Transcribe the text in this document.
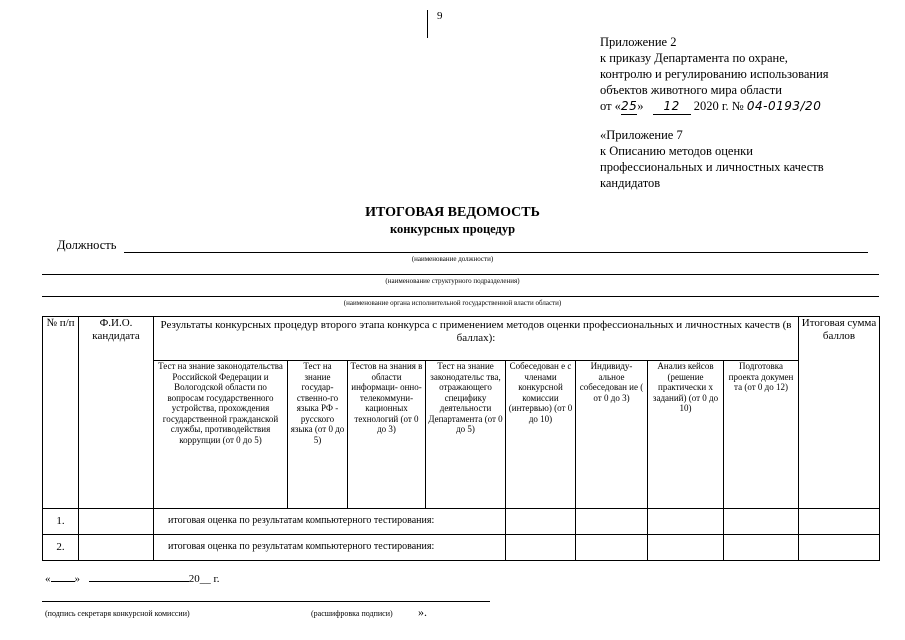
9
Приложение 2
к приказу Департамента по охране,
контролю и регулированию использования
объектов животного мира области
от «25» 12 2020 г. № 04-0193/20
«Приложение 7
к Описанию методов оценки
профессиональных и личностных качеств
кандидатов
ИТОГОВАЯ ВЕДОМОСТЬ
конкурсных процедур
Должность
(наименование должности)
(наименование структурного подразделения)
(наименование органа исполнительной государственной власти области)
№ п/п	Ф.И.О. кандидата	Результаты конкурсных процедур второго этапа конкурса с применением методов оценки профессиональных и личностных качеств (в баллах):								Итоговая сумма баллов
		Тест на знание законодательства Российской Федерации и Вологодской области по вопросам государственного устройства, прохождения государственной гражданской службы, противодействия коррупции (от 0 до 5)	Тест на знание государ- ственно-го языка РФ - русского языка (от 0 до 5)	Тестов на знания в области информаци- онно- телекоммуни- кационных технологий (от 0 до 3)	Тест на знание законодательс тва, отражающего специфику деятельности Департамента (от 0 до 5)	Собеседован е с членами конкурсной комиссии (интервью) (от 0 до 10)	Индивиду- альное собеседован ие ( от 0 до 3)	Анализ кейсов (решение практически х заданий) (от 0 до 10)	Подготовка проекта докумен та (от 0 до 12)	
1.		итоговая оценка по результатам компьютерного тестирования:								
2.		итоговая оценка по результатам компьютерного тестирования:								
« »	20__ г.
(подпись секретаря конкурсной комиссии)	(расшифровка подписи) ».
